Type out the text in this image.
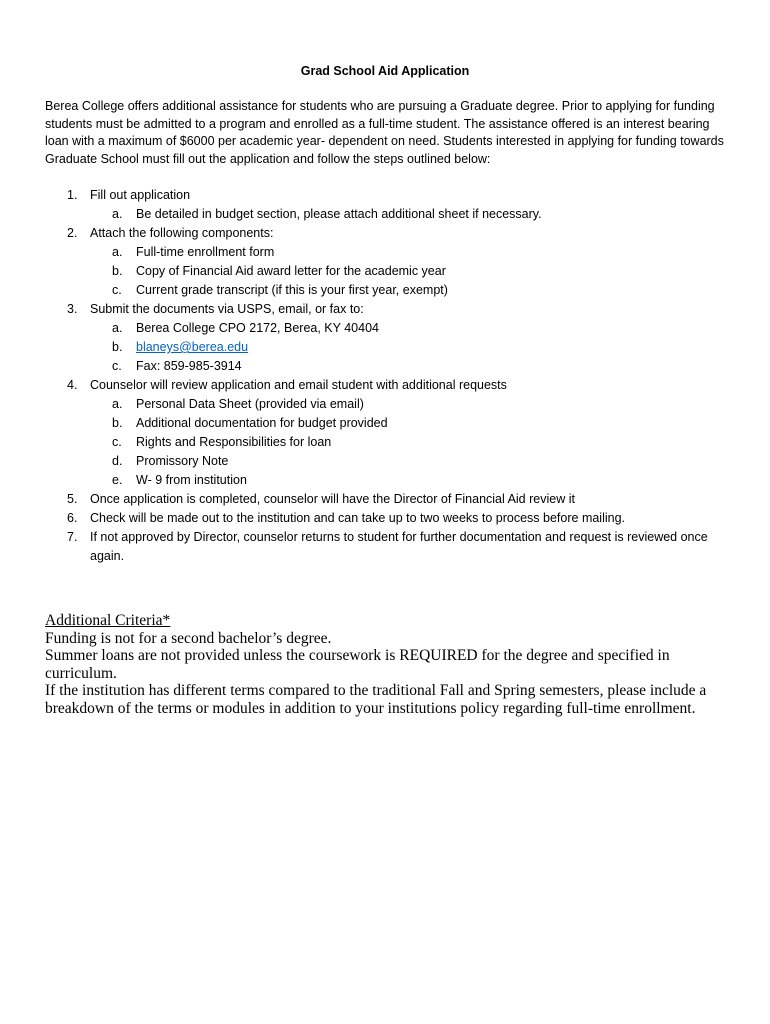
Grad School Aid Application

Berea College offers additional assistance for students who are pursuing a Graduate degree. Prior to applying for funding students must be admitted to a program and enrolled as a full-time student. The assistance offered is an interest bearing loan with a maximum of $6000 per academic year- dependent on need. Students interested in applying for funding towards Graduate School must fill out the application and follow the steps outlined below:

1. Fill out application
a. Be detailed in budget section, please attach additional sheet if necessary.
2. Attach the following components:
a. Full-time enrollment form
b. Copy of Financial Aid award letter for the academic year
c. Current grade transcript (if this is your first year, exempt)
3. Submit the documents via USPS, email, or fax to:
a. Berea College CPO 2172, Berea, KY 40404
b. blaneys@berea.edu
c. Fax: 859-985-3914
4. Counselor will review application and email student with additional requests
a. Personal Data Sheet (provided via email)
b. Additional documentation for budget provided
c. Rights and Responsibilities for loan
d. Promissory Note
e. W- 9 from institution
5. Once application is completed, counselor will have the Director of Financial Aid review it
6. Check will be made out to the institution and can take up to two weeks to process before mailing.
7. If not approved by Director, counselor returns to student for further documentation and request is reviewed once again.
Additional Criteria*
Funding is not for a second bachelor’s degree.
Summer loans are not provided unless the coursework is REQUIRED for the degree and specified in curriculum.
If the institution has different terms compared to the traditional Fall and Spring semesters, please include a breakdown of the terms or modules in addition to your institutions policy regarding full-time enrollment.
